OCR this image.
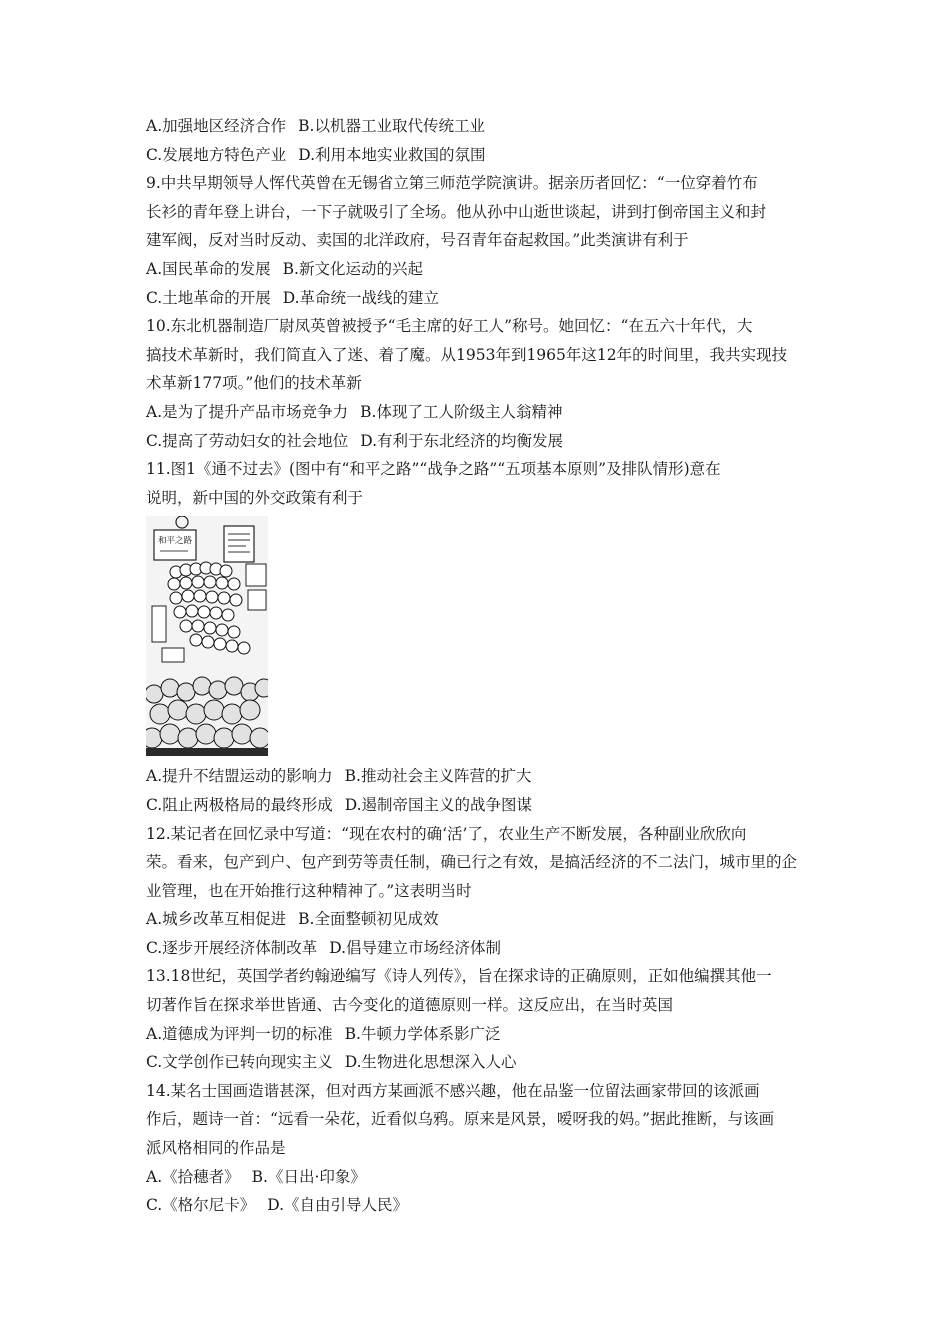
A.加强地区经济合作 B.以机器工业取代传统工业
C.发展地方特色产业 D.利用本地实业救国的氛围
9.中共早期领导人恽代英曾在无锡省立第三师范学院演讲。据亲历者回忆：“一位穿着竹布
长衫的青年登上讲台，一下子就吸引了全场。他从孙中山逝世谈起，讲到打倒帝国主义和封
建军阀，反对当时反动、卖国的北洋政府，号召青年奋起救国。”此类演讲有利于
A.国民革命的发展 B.新文化运动的兴起
C.土地革命的开展 D.革命统一战线的建立
10.东北机器制造厂尉凤英曾被授予“毛主席的好工人”称号。她回忆：“在五六十年代，大
搞技术革新时，我们简直入了迷、着了魔。从1953年到1965年这12年的时间里，我共实现技
术革新177项。”他们的技术革新
A.是为了提升产品市场竞争力 B.体现了工人阶级主人翁精神
C.提高了劳动妇女的社会地位 D.有利于东北经济的均衡发展
11.图1《通不过去》(图中有“和平之路”“战争之路”“五项基本原则”及排队情形)意在
说明，新中国的外交政策有利于
和平之路
A.提升不结盟运动的影响力 B.推动社会主义阵营的扩大
C.阻止两极格局的最终形成 D.遏制帝国主义的战争图谋
12.某记者在回忆录中写道：“现在农村的确‘活’了，农业生产不断发展，各种副业欣欣向
荣。看来，包产到户、包产到劳等责任制，确已行之有效，是搞活经济的不二法门，城市里的企
业管理，也在开始推行这种精神了。”这表明当时
A.城乡改革互相促进 B.全面整顿初见成效
C.逐步开展经济体制改革 D.倡导建立市场经济体制
13.18世纪，英国学者约翰逊编写《诗人列传》，旨在探求诗的正确原则，正如他编撰其他一
切著作旨在探求举世皆通、古今变化的道德原则一样。这反应出，在当时英国
A.道德成为评判一切的标准 B.牛顿力学体系影广泛
C.文学创作已转向现实主义 D.生物进化思想深入人心
14.某名士国画造谐甚深，但对西方某画派不感兴趣，他在品鉴一位留法画家带回的该派画
作后，题诗一首：“远看一朵花，近看似乌鸦。原来是风景，嗳呀我的妈。”据此推断，与该画
派风格相同的作品是
A.《拾穗者》 B.《日出·印象》
C.《格尔尼卡》 D.《自由引导人民》
